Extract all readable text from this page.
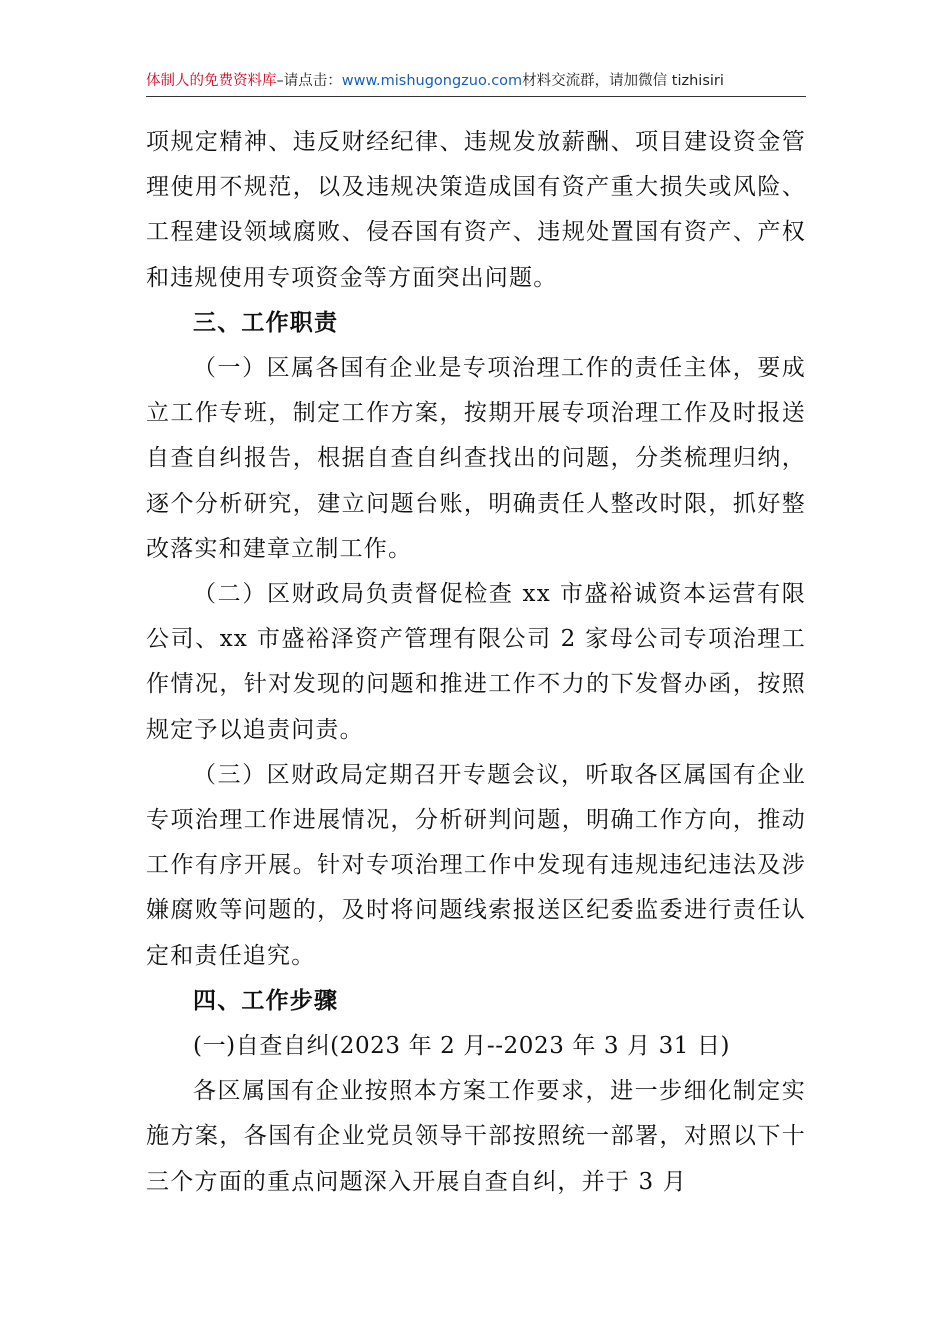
体制人的免费资料库–请点击：www.mishugongzuo.com材料交流群，请加微信 tizhisiri

项规定精神、违反财经纪律、违规发放薪酬、项目建设资金管理使用不规范，以及违规决策造成国有资产重大损失或风险、工程建设领域腐败、侵吞国有资产、违规处置国有资产、产权和违规使用专项资金等方面突出问题。

三、工作职责

（一）区属各国有企业是专项治理工作的责任主体，要成立工作专班，制定工作方案，按期开展专项治理工作及时报送自查自纠报告，根据自查自纠查找出的问题，分类梳理归纳，逐个分析研究，建立问题台账，明确责任人整改时限，抓好整改落实和建章立制工作。

（二）区财政局负责督促检查 xx 市盛裕诚资本运营有限公司、xx 市盛裕泽资产管理有限公司 2 家母公司专项治理工作情况，针对发现的问题和推进工作不力的下发督办函，按照规定予以追责问责。

（三）区财政局定期召开专题会议，听取各区属国有企业专项治理工作进展情况，分析研判问题，明确工作方向，推动工作有序开展。针对专项治理工作中发现有违规违纪违法及涉嫌腐败等问题的，及时将问题线索报送区纪委监委进行责任认定和责任追究。

四、工作步骤

(一)自查自纠(2023 年 2 月--2023 年 3 月 31 日)

各区属国有企业按照本方案工作要求，进一步细化制定实施方案，各国有企业党员领导干部按照统一部署，对照以下十三个方面的重点问题深入开展自查自纠，并于 3 月
